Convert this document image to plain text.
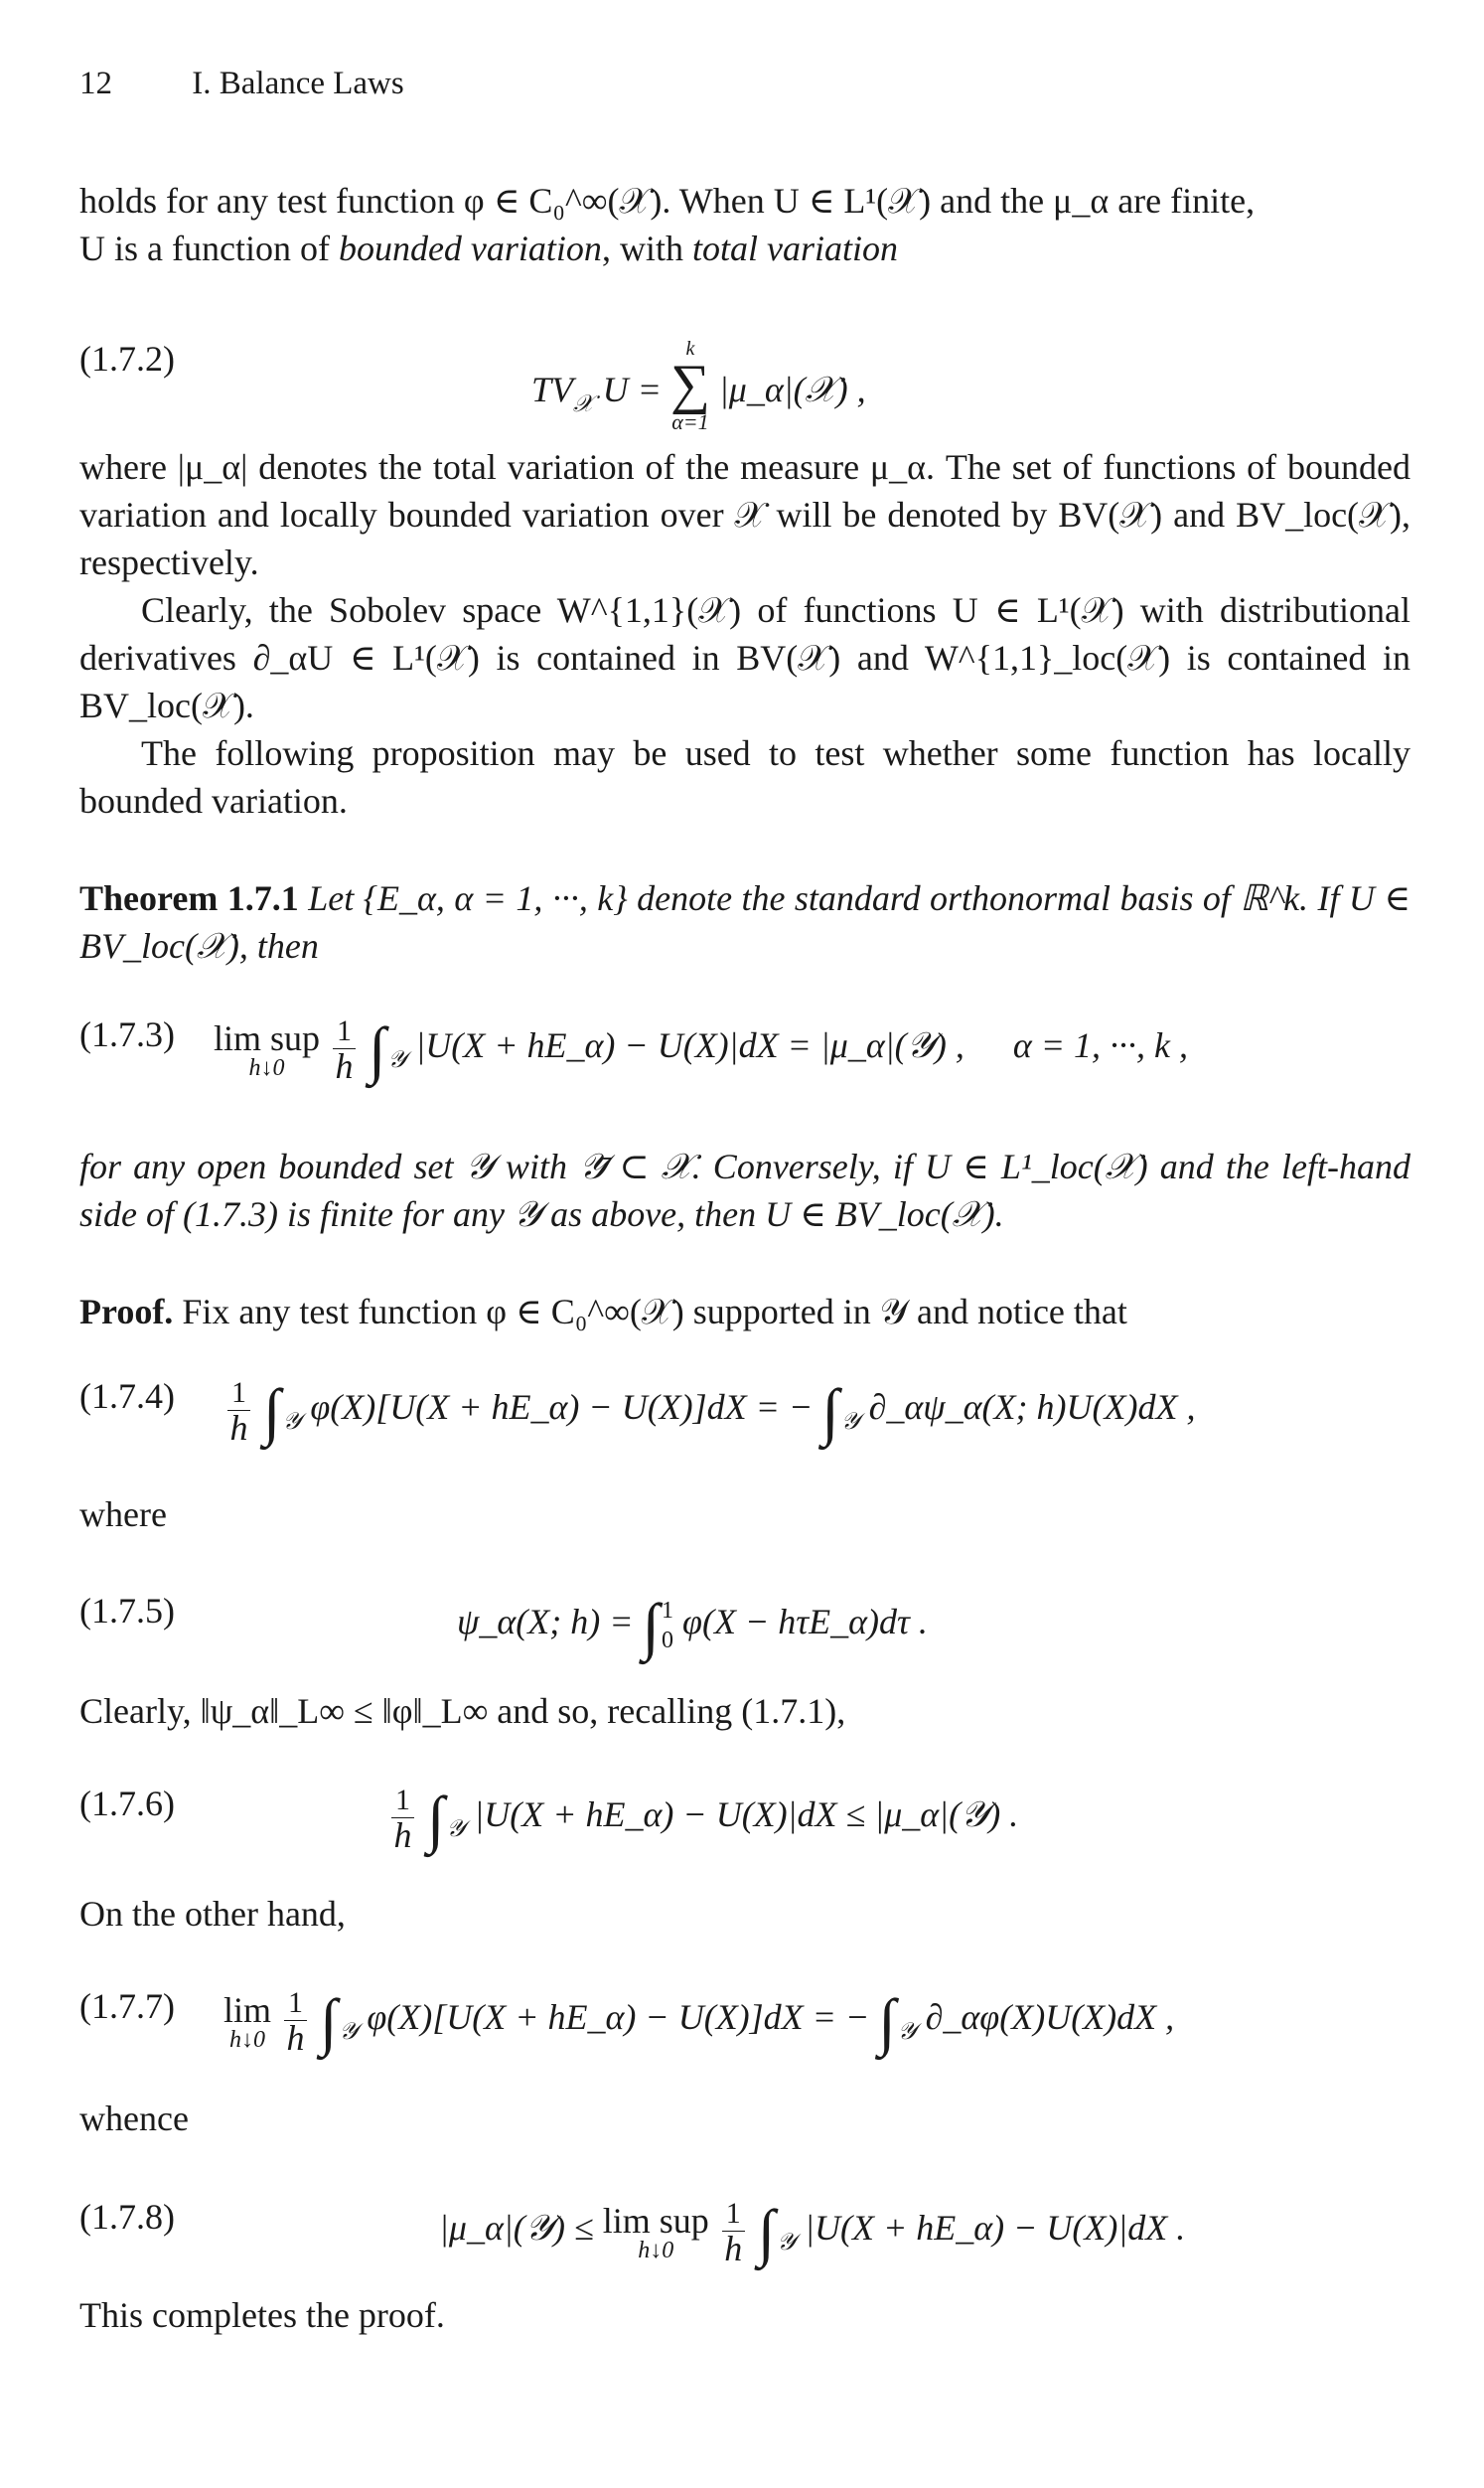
12 I. Balance Laws
holds for any test function φ ∈ C₀^∞(𝒳). When U ∈ L¹(𝒳) and the μ_α are finite,
U is a function of bounded variation, with total variation
(1.7.2)
$TV_𝒳$ U =
k
∑
α=1
|μ_α|(𝒳) ,
where |μ_α| denotes the total variation of the measure μ_α. The set of functions of bounded variation and locally bounded variation over 𝒳 will be denoted by BV(𝒳) and BV_loc(𝒳), respectively.
Clearly, the Sobolev space W^{1,1}(𝒳) of functions U ∈ L¹(𝒳) with distributional derivatives ∂_αU ∈ L¹(𝒳) is contained in BV(𝒳) and W^{1,1}_loc(𝒳) is contained in BV_loc(𝒳).
The following proposition may be used to test whether some function has locally bounded variation.
Theorem 1.7.1 Let {E_α, α = 1, ···, k} denote the standard orthonormal basis of ℝ^k. If U ∈ BV_loc(𝒳), then
(1.7.3) lim sup
h↓0
	$\frac{1}{h} \int_𝒴$ |U(X + hE_α) − U(X)|dX = |μ_α|(𝒴) , α = 1, ···, k ,
for any open bounded set 𝒴 with 𝒴̄ ⊂ 𝒳. Conversely, if U ∈ L¹_loc(𝒳) and the left-hand side of (1.7.3) is finite for any 𝒴 as above, then U ∈ BV_loc(𝒳).
Proof. Fix any test function φ ∈ C₀^∞(𝒳) supported in 𝒴 and notice that
$(1.7.4) \frac{1}{h} \int_𝒴$ φ(X)[U(X + hE_α) − U(X)]dX = − $\int_𝒴$ ∂_αψ_α(X; h)U(X)dX ,
where
(1.7.5)	ψ_α(X; h) = ∫ 1
0 φ(X − hτE_α)dτ .
Clearly, ‖ψ_α‖_L∞ ≤ ‖φ‖_L∞ and so, recalling (1.7.1),
(1.7.6)	$\frac{1}{h} \int_𝒴$ |U(X + hE_α) − U(X)|dX ≤ |μ_α|(𝒴) .
On the other hand,
(1.7.7) lim
h↓0
$\frac{1}{h} \int_𝒴$ φ(X)[U(X + hE_α) − U(X)]dX = − $\int_𝒴$ ∂_αφ(X)U(X)dX ,
whence
(1.7.8)	|μ_α|(𝒴) ≤ lim sup
h↓0
	$\frac{1}{h} \int_𝒴$ |U(X + hE_α) − U(X)|dX .
This completes the proof.
